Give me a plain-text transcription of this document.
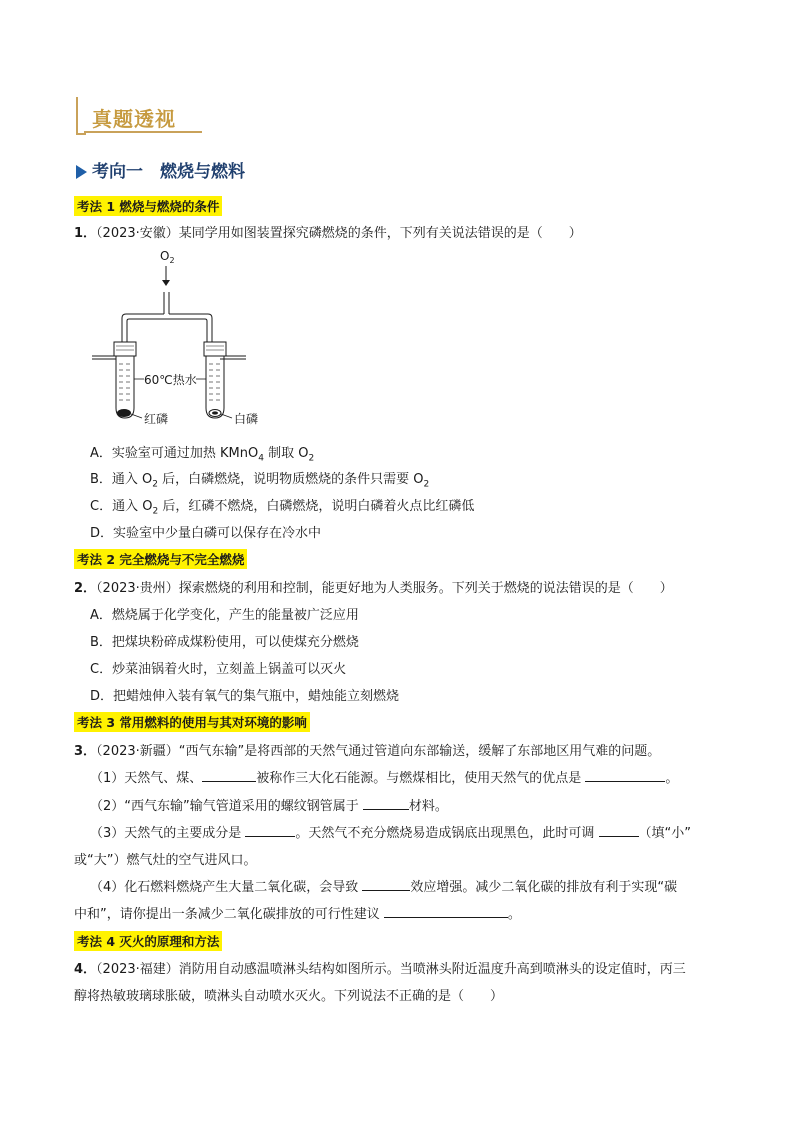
真题透视
考向一　燃烧与燃料
考法 1 燃烧与燃烧的条件
1．（2023·安徽）某同学用如图装置探究磷燃烧的条件，下列有关说法错误的是（　　）
$O_2$
60℃热水
红磷	白磷
A．实验室可通过加热 KMnO$_4$ 制取 $O_2$
B．通入 $O_2$ 后，白磷燃烧，说明物质燃烧的条件只需要 $O_2$
C．通入 $O_2$ 后，红磷不燃烧，白磷燃烧，说明白磷着火点比红磷低
D．实验室中少量白磷可以保存在冷水中
考法 2 完全燃烧与不完全燃烧
2．（2023·贵州）探索燃烧的利用和控制，能更好地为人类服务。下列关于燃烧的说法错误的是（　　）
A．燃烧属于化学变化，产生的能量被广泛应用
B．把煤块粉碎成煤粉使用，可以使煤充分燃烧
C．炒菜油锅着火时，立刻盖上锅盖可以灭火
D．把蜡烛伸入装有氧气的集气瓶中，蜡烛能立刻燃烧
考法 3 常用燃料的使用与其对环境的影响
3．（2023·新疆）“西气东输”是将西部的天然气通过管道向东部输送，缓解了东部地区用气难的问题。
（1）天然气、煤、	被称作三大化石能源。与燃煤相比，使用天然气的优点是	。
（2）“西气东输”输气管道采用的螺纹钢管属于	材料。
（3）天然气的主要成分是	。天然气不充分燃烧易造成锅底出现黑色，此时可调	（填“小”
或“大”）燃气灶的空气进风口。
（4）化石燃料燃烧产生大量二氧化碳，会导致	效应增强。减少二氧化碳的排放有利于实现“碳
中和”，请你提出一条减少二氧化碳排放的可行性建议	。
考法 4 灭火的原理和方法
4．（2023·福建）消防用自动感温喷淋头结构如图所示。当喷淋头附近温度升高到喷淋头的设定值时，丙三
醇将热敏玻璃球胀破，喷淋头自动喷水灭火。下列说法不正确的是（　　）
